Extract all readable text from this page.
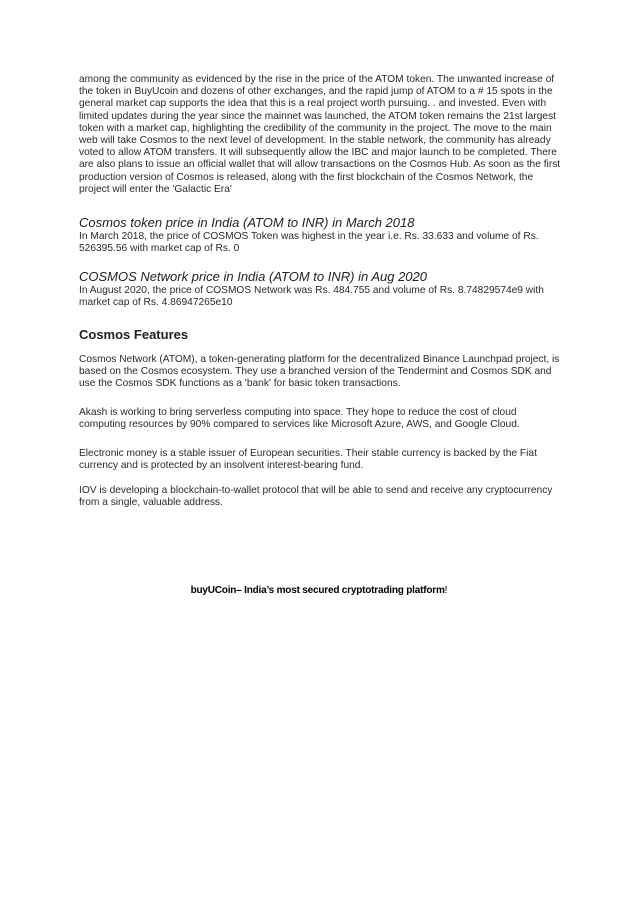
among the community as evidenced by the rise in the price of the ATOM token. The unwanted increase of the token in BuyUcoin and dozens of other exchanges, and the rapid jump of ATOM to a # 15 spots in the general market cap supports the idea that this is a real project worth pursuing. . and invested. Even with limited updates during the year since the mainnet was launched, the ATOM token remains the 21st largest token with a market cap, highlighting the credibility of the community in the project. The move to the main web will take Cosmos to the next level of development. In the stable network, the community has already voted to allow ATOM transfers. It will subsequently allow the IBC and major launch to be completed. There are also plans to issue an official wallet that will allow transactions on the Cosmos Hub. As soon as the first production version of Cosmos is released, along with the first blockchain of the Cosmos Network, the project will enter the 'Galactic Era'

Cosmos token price in India (ATOM to INR) in March 2018

In March 2018, the price of COSMOS Token was highest in the year i.e. Rs. 33.633 and volume of Rs. 526395.56 with market cap of Rs. 0

COSMOS Network price in India (ATOM to INR) in Aug 2020

In August 2020, the price of COSMOS Network was Rs. 484.755 and volume of Rs. 8.74829574e9 with market cap of Rs. 4.86947265e10

Cosmos Features

Cosmos Network (ATOM), a token-generating platform for the decentralized Binance Launchpad project, is based on the Cosmos ecosystem. They use a branched version of the Tendermint and Cosmos SDK and use the Cosmos SDK functions as a 'bank' for basic token transactions.

Akash is working to bring serverless computing into space. They hope to reduce the cost of cloud computing resources by 90% compared to services like Microsoft Azure, AWS, and Google Cloud.

Electronic money is a stable issuer of European securities. Their stable currency is backed by the Fiat currency and is protected by an insolvent interest-bearing fund.

IOV is developing a blockchain-to-wallet protocol that will be able to send and receive any cryptocurrency from a single, valuable address.

buyUCoin– India’s most secured cryptotrading platform!
